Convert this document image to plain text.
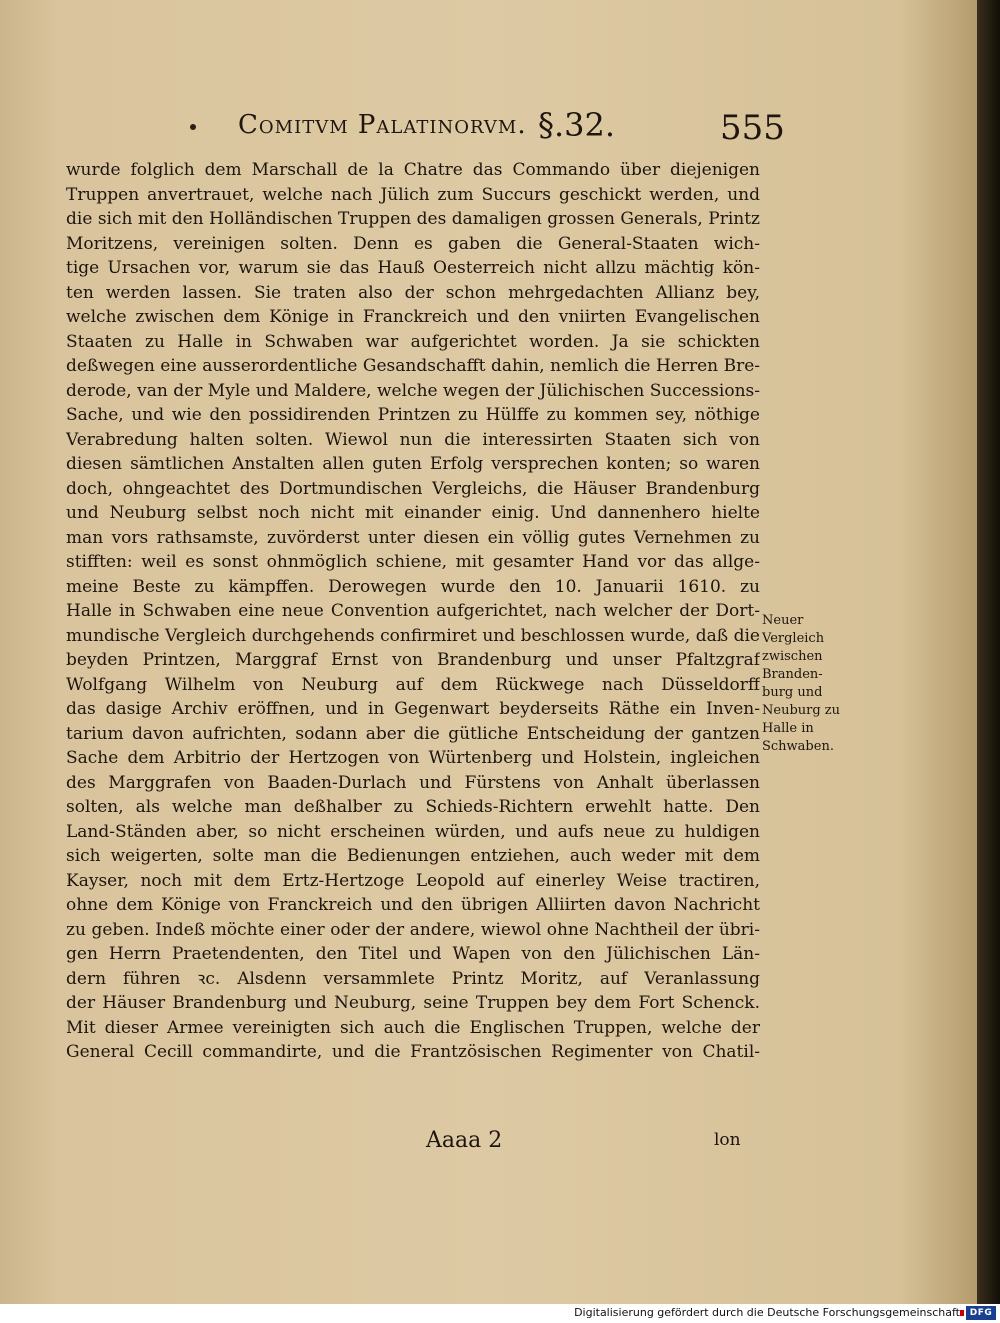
Comitvm Palatinorvm. §.32.	555
wurde folglich dem Marschall de la Chatre das Commando über diejenigen
Truppen anvertrauet, welche nach Jülich zum Succurs geschickt werden, und
die sich mit den Holländischen Truppen des damaligen grossen Generals, Printz
Moritzens, vereinigen solten. Denn es gaben die General-Staaten wich-
tige Ursachen vor, warum sie das Hauß Oesterreich nicht allzu mächtig kön-
ten werden lassen. Sie traten also der schon mehrgedachten Allianz bey,
welche zwischen dem Könige in Franckreich und den vniirten Evangelischen
Staaten zu Halle in Schwaben war aufgerichtet worden. Ja sie schickten
deßwegen eine ausserordentliche Gesandschafft dahin, nemlich die Herren Bre-
derode, van der Myle und Maldere, welche wegen der Jülichischen Successions-
Sache, und wie den possidirenden Printzen zu Hülffe zu kommen sey, nöthige
Verabredung halten solten. Wiewol nun die interessirten Staaten sich von
diesen sämtlichen Anstalten allen guten Erfolg versprechen konten; so waren
doch, ohngeachtet des Dortmundischen Vergleichs, die Häuser Brandenburg
und Neuburg selbst noch nicht mit einander einig. Und dannenhero hielte
man vors rathsamste, zuvörderst unter diesen ein völlig gutes Vernehmen zu
stifften: weil es sonst ohnmöglich schiene, mit gesamter Hand vor das allge-
meine Beste zu kämpffen. Derowegen wurde den 10. Januarii 1610. zu
Halle in Schwaben eine neue Convention aufgerichtet, nach welcher der Dort-
mundische Vergleich durchgehends confirmiret und beschlossen wurde, daß die
beyden Printzen, Marggraf Ernst von Brandenburg und unser Pfaltzgraf
Wolfgang Wilhelm von Neuburg auf dem Rückwege nach Düsseldorff
das dasige Archiv eröffnen, und in Gegenwart beyderseits Räthe ein Inven-
tarium davon aufrichten, sodann aber die gütliche Entscheidung der gantzen
Sache dem Arbitrio der Hertzogen von Würtenberg und Holstein, ingleichen
des Marggrafen von Baaden-Durlach und Fürstens von Anhalt überlassen
solten, als welche man deßhalber zu Schieds-Richtern erwehlt hatte. Den
Land-Ständen aber, so nicht erscheinen würden, und aufs neue zu huldigen
sich weigerten, solte man die Bedienungen entziehen, auch weder mit dem
Kayser, noch mit dem Ertz-Hertzoge Leopold auf einerley Weise tractiren,
ohne dem Könige von Franckreich und den übrigen Alliirten davon Nachricht
zu geben. Indeß möchte einer oder der andere, wiewol ohne Nachtheil der übri-
gen Herrn Praetendenten, den Titel und Wapen von den Jülichischen Län-
dern führen ꝛc. Alsdenn versammlete Printz Moritz, auf Veranlassung
der Häuser Brandenburg und Neuburg, seine Truppen bey dem Fort Schenck.
Mit dieser Armee vereinigten sich auch die Englischen Truppen, welche der
General Cecill commandirte, und die Frantzösischen Regimenter von Chatil-
Neuer
Vergleich
zwischen
Branden-
burg und
Neuburg zu
Halle in
Schwaben.
Aaaa 2	lon
Digitalisierung gefördert durch die Deutsche Forschungsgemeinschaft	DFG
